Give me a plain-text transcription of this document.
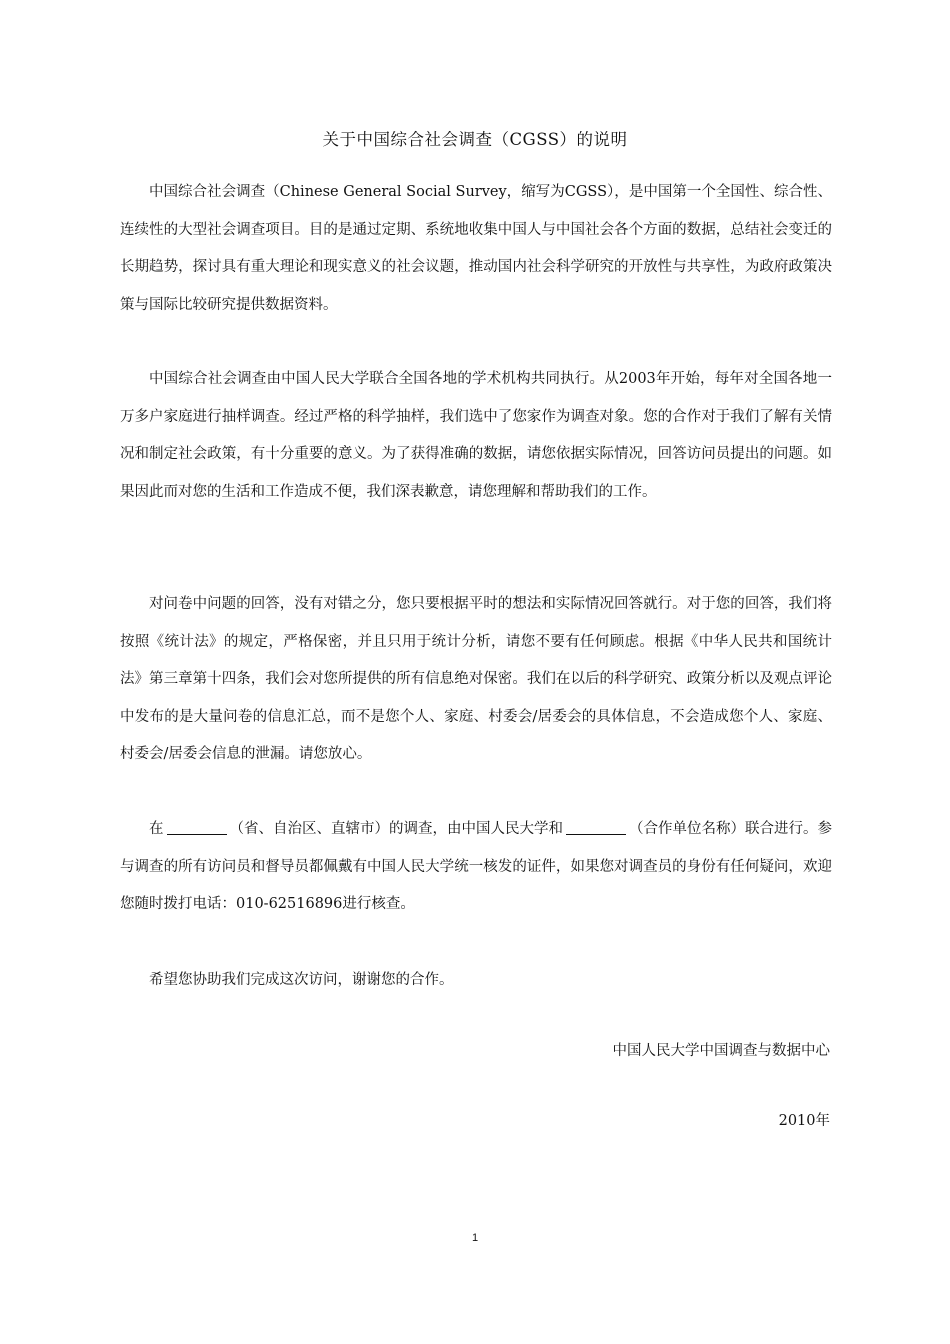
关于中国综合社会调查（CGSS）的说明

中国综合社会调查（Chinese General Social Survey，缩写为CGSS），是中国第一个全国性、综合性、连续性的大型社会调查项目。目的是通过定期、系统地收集中国人与中国社会各个方面的数据，总结社会变迁的长期趋势，探讨具有重大理论和现实意义的社会议题，推动国内社会科学研究的开放性与共享性，为政府政策决策与国际比较研究提供数据资料。

中国综合社会调查由中国人民大学联合全国各地的学术机构共同执行。从2003年开始，每年对全国各地一万多户家庭进行抽样调查。经过严格的科学抽样，我们选中了您家作为调查对象。您的合作对于我们了解有关情况和制定社会政策，有十分重要的意义。为了获得准确的数据，请您依据实际情况，回答访问员提出的问题。如果因此而对您的生活和工作造成不便，我们深表歉意，请您理解和帮助我们的工作。

对问卷中问题的回答，没有对错之分，您只要根据平时的想法和实际情况回答就行。对于您的回答，我们将按照《统计法》的规定，严格保密，并且只用于统计分析，请您不要有任何顾虑。根据《中华人民共和国统计法》第三章第十四条，我们会对您所提供的所有信息绝对保密。我们在以后的科学研究、政策分析以及观点评论中发布的是大量问卷的信息汇总，而不是您个人、家庭、村委会/居委会的具体信息，不会造成您个人、家庭、村委会/居委会信息的泄漏。请您放心。

在	（省、自治区、直辖市）的调查，由中国人民大学和	（合作单位名称）联合进行。参与调查的所有访问员和督导员都佩戴有中国人民大学统一核发的证件，如果您对调查员的身份有任何疑问，欢迎您随时拨打电话：010-62516896进行核查。

希望您协助我们完成这次访问，谢谢您的合作。

中国人民大学中国调查与数据中心
2010年
1
